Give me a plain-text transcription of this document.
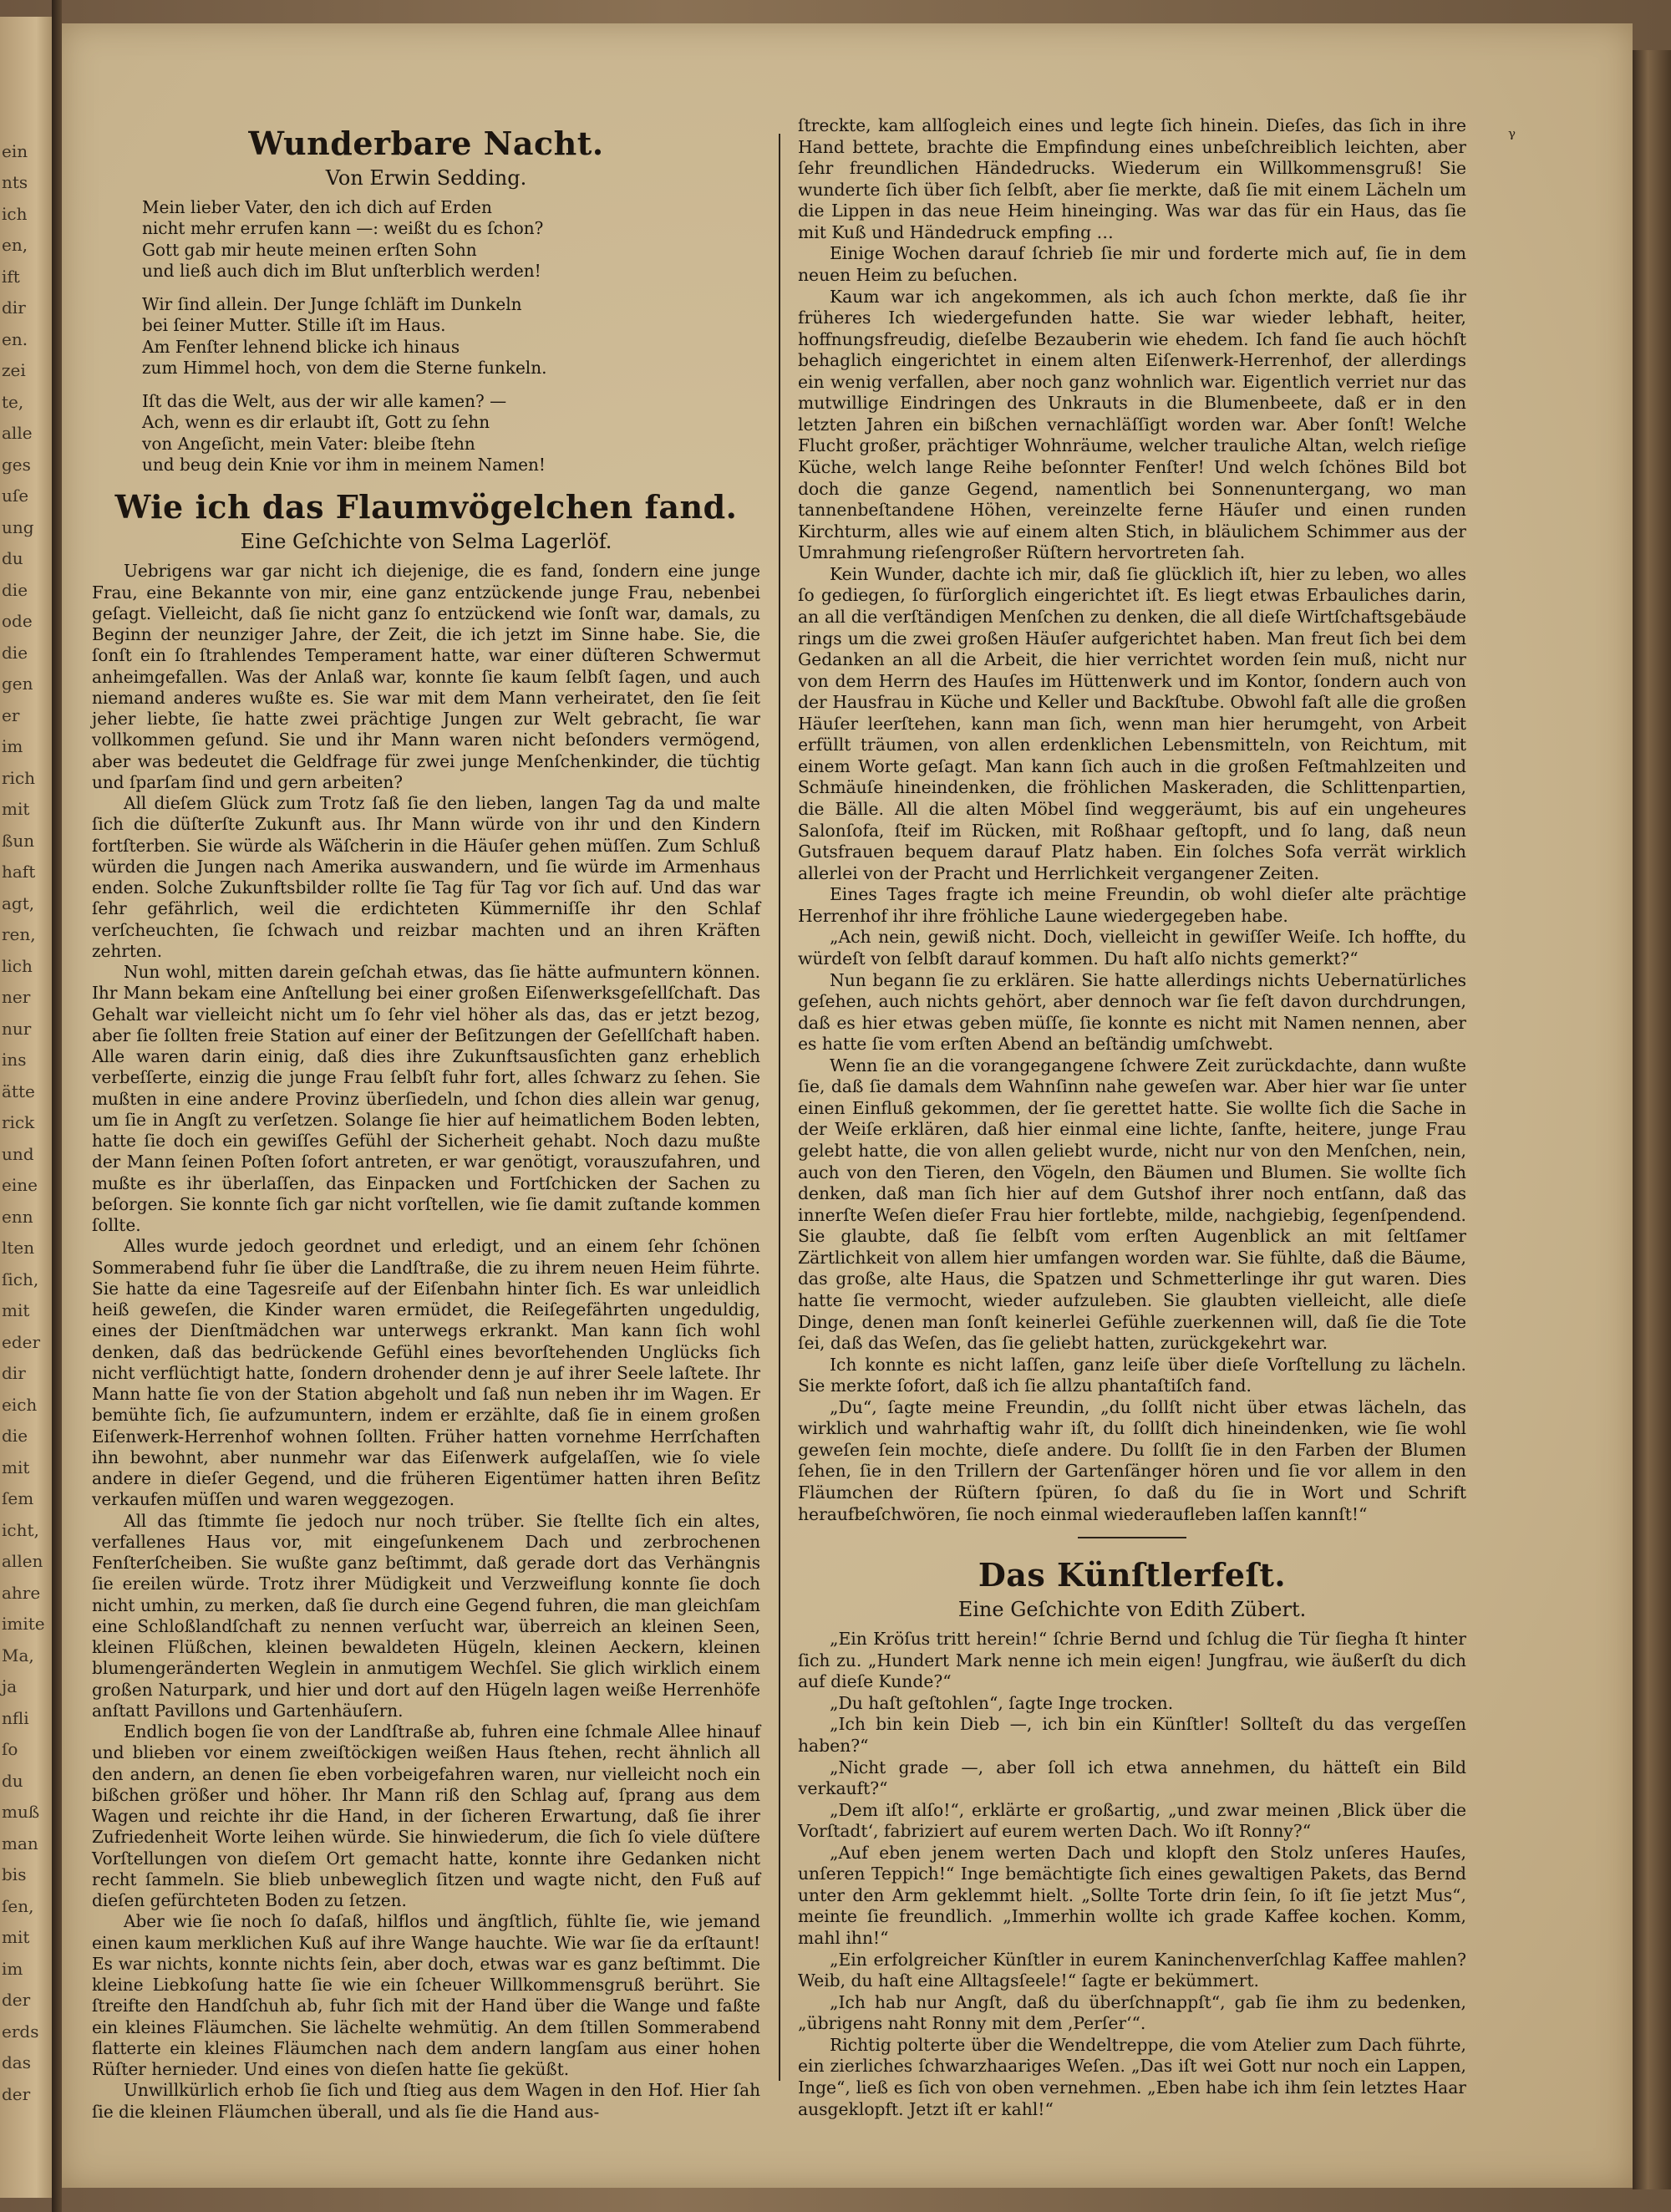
ein
nts
ich
en,
ift
dir
en.
zei
te,
alle
ges
uſe
ung
du
die
ode
die
gen
er
im
rich
mit
ßun
haft
agt,
ren,
lich
ner
nur
ins
ätte
rick
und
eine
enn
lten
ſich,
mit
eder
dir
eich
die
mit
ſem
icht,
allen
ahre
imite
Ma,
ja
nfli
ſo
du
muß
man
bis
ſen,
mit
im
der
erds
das
der
ᵞ
Wunderbare Nacht.
Von Erwin Sedding.
Mein lieber Vater, den ich dich auf Erden
nicht mehr errufen kann —: weißt du es ſchon?
Gott gab mir heute meinen erſten Sohn
und ließ auch dich im Blut unſterblich werden!
Wir ſind allein. Der Junge ſchläft im Dunkeln
bei ſeiner Mutter. Stille iſt im Haus.
Am Fenſter lehnend blicke ich hinaus
zum Himmel hoch, von dem die Sterne funkeln.
Iſt das die Welt, aus der wir alle kamen? —
Ach, wenn es dir erlaubt iſt, Gott zu ſehn
von Angeſicht, mein Vater: bleibe ſtehn
und beug dein Knie vor ihm in meinem Namen!
Wie ich das Flaumvögelchen fand.
Eine Geſchichte von Selma Lagerlöf.

Uebrigens war gar nicht ich diejenige, die es fand, ſondern eine junge Frau, eine Bekannte von mir, eine ganz entzückende junge Frau, nebenbei geſagt. Vielleicht, daß ſie nicht ganz ſo entzückend wie ſonſt war, damals, zu Beginn der neunziger Jahre, der Zeit, die ich jetzt im Sinne habe. Sie, die ſonſt ein ſo ſtrahlendes Temperament hatte, war einer düſteren Schwermut anheimgefallen. Was der Anlaß war, konnte ſie kaum ſelbſt ſagen, und auch niemand anderes wußte es. Sie war mit dem Mann verheiratet, den ſie ſeit jeher liebte, ſie hatte zwei prächtige Jungen zur Welt gebracht, ſie war vollkommen geſund. Sie und ihr Mann waren nicht beſonders vermögend, aber was bedeutet die Geldfrage für zwei junge Menſchenkinder, die tüchtig und ſparſam ſind und gern arbeiten?

All dieſem Glück zum Trotz ſaß ſie den lieben, langen Tag da und malte ſich die düſterſte Zukunft aus. Ihr Mann würde von ihr und den Kindern fortſterben. Sie würde als Wäſcherin in die Häuſer gehen müſſen. Zum Schluß würden die Jungen nach Amerika auswandern, und ſie würde im Armenhaus enden. Solche Zukunftsbilder rollte ſie Tag für Tag vor ſich auf. Und das war ſehr gefährlich, weil die erdichteten Kümmerniſſe ihr den Schlaf verſcheuchten, ſie ſchwach und reizbar machten und an ihren Kräften zehrten.

Nun wohl, mitten darein geſchah etwas, das ſie hätte aufmuntern können. Ihr Mann bekam eine Anſtellung bei einer großen Eiſenwerksgeſellſchaft. Das Gehalt war vielleicht nicht um ſo ſehr viel höher als das, das er jetzt bezog, aber ſie ſollten freie Station auf einer der Beſitzungen der Geſellſchaft haben. Alle waren darin einig, daß dies ihre Zukunftsausſichten ganz erheblich verbeſſerte, einzig die junge Frau ſelbſt fuhr fort, alles ſchwarz zu ſehen. Sie mußten in eine andere Provinz überſiedeln, und ſchon dies allein war genug, um ſie in Angſt zu verſetzen. Solange ſie hier auf heimatlichem Boden lebten, hatte ſie doch ein gewiſſes Gefühl der Sicherheit gehabt. Noch dazu mußte der Mann ſeinen Poſten ſofort antreten, er war genötigt, vorauszufahren, und mußte es ihr überlaſſen, das Einpacken und Fortſchicken der Sachen zu beſorgen. Sie konnte ſich gar nicht vorſtellen, wie ſie damit zuſtande kommen ſollte.

Alles wurde jedoch geordnet und erledigt, und an einem ſehr ſchönen Sommerabend fuhr ſie über die Landſtraße, die zu ihrem neuen Heim führte. Sie hatte da eine Tagesreiſe auf der Eiſenbahn hinter ſich. Es war unleidlich heiß geweſen, die Kinder waren ermüdet, die Reiſegefährten ungeduldig, eines der Dienſtmädchen war unterwegs erkrankt. Man kann ſich wohl denken, daß das bedrückende Gefühl eines bevorſtehenden Unglücks ſich nicht verflüchtigt hatte, ſondern drohender denn je auf ihrer Seele laſtete. Ihr Mann hatte ſie von der Station abgeholt und ſaß nun neben ihr im Wagen. Er bemühte ſich, ſie aufzumuntern, indem er erzählte, daß ſie in einem großen Eiſenwerk-Herrenhof wohnen ſollten. Früher hatten vornehme Herrſchaften ihn bewohnt, aber nunmehr war das Eiſenwerk aufgelaſſen, wie ſo viele andere in dieſer Gegend, und die früheren Eigentümer hatten ihren Beſitz verkaufen müſſen und waren weggezogen.

All das ſtimmte ſie jedoch nur noch trüber. Sie ſtellte ſich ein altes, verfallenes Haus vor, mit eingeſunkenem Dach und zerbrochenen Fenſterſcheiben. Sie wußte ganz beſtimmt, daß gerade dort das Verhängnis ſie ereilen würde. Trotz ihrer Müdigkeit und Verzweiflung konnte ſie doch nicht umhin, zu merken, daß ſie durch eine Gegend fuhren, die man gleichſam eine Schloßlandſchaft zu nennen verſucht war, überreich an kleinen Seen, kleinen Flüßchen, kleinen bewaldeten Hügeln, kleinen Aeckern, kleinen blumengeränderten Weglein in anmutigem Wechſel. Sie glich wirklich einem großen Naturpark, und hier und dort auf den Hügeln lagen weiße Herrenhöfe anſtatt Pavillons und Gartenhäuſern.

Endlich bogen ſie von der Landſtraße ab, fuhren eine ſchmale Allee hinauf und blieben vor einem zweiſtöckigen weißen Haus ſtehen, recht ähnlich all den andern, an denen ſie eben vorbeigefahren waren, nur vielleicht noch ein bißchen größer und höher. Ihr Mann riß den Schlag auf, ſprang aus dem Wagen und reichte ihr die Hand, in der ſicheren Erwartung, daß ſie ihrer Zufriedenheit Worte leihen würde. Sie hinwiederum, die ſich ſo viele düſtere Vorſtellungen von dieſem Ort gemacht hatte, konnte ihre Gedanken nicht recht ſammeln. Sie blieb unbeweglich ſitzen und wagte nicht, den Fuß auf dieſen gefürchteten Boden zu ſetzen.

Aber wie ſie noch ſo daſaß, hilflos und ängſtlich, fühlte ſie, wie jemand einen kaum merklichen Kuß auf ihre Wange hauchte. Wie war ſie da erſtaunt! Es war nichts, konnte nichts ſein, aber doch, etwas war es ganz beſtimmt. Die kleine Liebkoſung hatte ſie wie ein ſcheuer Willkommensgruß berührt. Sie ſtreifte den Handſchuh ab, fuhr ſich mit der Hand über die Wange und faßte ein kleines Fläumchen. Sie lächelte wehmütig. An dem ſtillen Sommerabend flatterte ein kleines Fläumchen nach dem andern langſam aus einer hohen Rüſter hernieder. Und eines von dieſen hatte ſie geküßt.

Unwillkürlich erhob ſie ſich und ſtieg aus dem Wagen in den Hof. Hier ſah ſie die kleinen Fläumchen überall, und als ſie die Hand aus-

ſtreckte, kam allſogleich eines und legte ſich hinein. Dieſes, das ſich in ihre Hand bettete, brachte die Empfindung eines unbeſchreiblich leichten, aber ſehr freundlichen Händedrucks. Wiederum ein Willkommensgruß! Sie wunderte ſich über ſich ſelbſt, aber ſie merkte, daß ſie mit einem Lächeln um die Lippen in das neue Heim hineinging. Was war das für ein Haus, das ſie mit Kuß und Händedruck empfing …

Einige Wochen darauf ſchrieb ſie mir und forderte mich auf, ſie in dem neuen Heim zu beſuchen.

Kaum war ich angekommen, als ich auch ſchon merkte, daß ſie ihr früheres Ich wiedergefunden hatte. Sie war wieder lebhaft, heiter, hoffnungsfreudig, dieſelbe Bezauberin wie ehedem. Ich fand ſie auch höchſt behaglich eingerichtet in einem alten Eiſenwerk-Herrenhof, der allerdings ein wenig verfallen, aber noch ganz wohnlich war. Eigentlich verriet nur das mutwillige Eindringen des Unkrauts in die Blumenbeete, daß er in den letzten Jahren ein bißchen vernachläſſigt worden war. Aber ſonſt! Welche Flucht großer, prächtiger Wohnräume, welcher trauliche Altan, welch rieſige Küche, welch lange Reihe beſonnter Fenſter! Und welch ſchönes Bild bot doch die ganze Gegend, namentlich bei Sonnenuntergang, wo man tannenbeſtandene Höhen, vereinzelte ferne Häuſer und einen runden Kirchturm, alles wie auf einem alten Stich, in bläulichem Schimmer aus der Umrahmung rieſengroßer Rüſtern hervortreten ſah.

Kein Wunder, dachte ich mir, daß ſie glücklich iſt, hier zu leben, wo alles ſo gediegen, ſo fürſorglich eingerichtet iſt. Es liegt etwas Erbauliches darin, an all die verſtändigen Menſchen zu denken, die all dieſe Wirtſchaftsgebäude rings um die zwei großen Häuſer aufgerichtet haben. Man freut ſich bei dem Gedanken an all die Arbeit, die hier verrichtet worden ſein muß, nicht nur von dem Herrn des Hauſes im Hüttenwerk und im Kontor, ſondern auch von der Hausfrau in Küche und Keller und Backſtube. Obwohl faſt alle die großen Häuſer leerſtehen, kann man ſich, wenn man hier herumgeht, von Arbeit erfüllt träumen, von allen erdenklichen Lebensmitteln, von Reichtum, mit einem Worte geſagt. Man kann ſich auch in die großen Feſtmahlzeiten und Schmäuſe hineindenken, die fröhlichen Maskeraden, die Schlittenpartien, die Bälle. All die alten Möbel ſind weggeräumt, bis auf ein ungeheures Salonſofa, ſteif im Rücken, mit Roßhaar geſtopft, und ſo lang, daß neun Gutsfrauen bequem darauf Platz haben. Ein ſolches Sofa verrät wirklich allerlei von der Pracht und Herrlichkeit vergangener Zeiten.

Eines Tages fragte ich meine Freundin, ob wohl dieſer alte prächtige Herrenhof ihr ihre fröhliche Laune wiedergegeben habe.

„Ach nein, gewiß nicht. Doch, vielleicht in gewiſſer Weiſe. Ich hoffte, du würdeſt von ſelbſt darauf kommen. Du haſt alſo nichts gemerkt?“

Nun begann ſie zu erklären. Sie hatte allerdings nichts Uebernatürliches geſehen, auch nichts gehört, aber dennoch war ſie feſt davon durchdrungen, daß es hier etwas geben müſſe, ſie konnte es nicht mit Namen nennen, aber es hatte ſie vom erſten Abend an beſtändig umſchwebt.

Wenn ſie an die vorangegangene ſchwere Zeit zurückdachte, dann wußte ſie, daß ſie damals dem Wahnſinn nahe geweſen war. Aber hier war ſie unter einen Einfluß gekommen, der ſie gerettet hatte. Sie wollte ſich die Sache in der Weiſe erklären, daß hier einmal eine lichte, ſanfte, heitere, junge Frau gelebt hatte, die von allen geliebt wurde, nicht nur von den Menſchen, nein, auch von den Tieren, den Vögeln, den Bäumen und Blumen. Sie wollte ſich denken, daß man ſich hier auf dem Gutshof ihrer noch entſann, daß das innerſte Weſen dieſer Frau hier fortlebte, milde, nachgiebig, ſegenſpendend. Sie glaubte, daß ſie ſelbſt vom erſten Augenblick an mit ſeltſamer Zärtlichkeit von allem hier umfangen worden war. Sie fühlte, daß die Bäume, das große, alte Haus, die Spatzen und Schmetterlinge ihr gut waren. Dies hatte ſie vermocht, wieder aufzuleben. Sie glaubten vielleicht, alle dieſe Dinge, denen man ſonſt keinerlei Gefühle zuerkennen will, daß ſie die Tote ſei, daß das Weſen, das ſie geliebt hatten, zurückgekehrt war.

Ich konnte es nicht laſſen, ganz leiſe über dieſe Vorſtellung zu lächeln. Sie merkte ſofort, daß ich ſie allzu phantaſtiſch fand.

„Du“, ſagte meine Freundin, „du ſollſt nicht über etwas lächeln, das wirklich und wahrhaftig wahr iſt, du ſollſt dich hineindenken, wie ſie wohl geweſen ſein mochte, dieſe andere. Du ſollſt ſie in den Farben der Blumen ſehen, ſie in den Trillern der Gartenſänger hören und ſie vor allem in den Fläumchen der Rüſtern ſpüren, ſo daß du ſie in Wort und Schrift heraufbeſchwören, ſie noch einmal wiederaufleben laſſen kannſt!“

Das Künſtlerfeſt.
Eine Geſchichte von Edith Zübert.

„Ein Kröſus tritt herein!“ ſchrie Bernd und ſchlug die Tür ſiegha ſt hinter ſich zu. „Hundert Mark nenne ich mein eigen! Jungfrau, wie äußerſt du dich auf dieſe Kunde?“

„Du haſt geſtohlen“, ſagte Inge trocken.

„Ich bin kein Dieb —, ich bin ein Künſtler! Sollteſt du das vergeſſen haben?“

„Nicht grade —, aber ſoll ich etwa annehmen, du hätteſt ein Bild verkauft?“

„Dem iſt alſo!“, erklärte er großartig, „und zwar meinen ‚Blick über die Vorſtadt‘, fabriziert auf eurem werten Dach. Wo iſt Ronny?“

„Auf eben jenem werten Dach und klopft den Stolz unſeres Hauſes, unſeren Teppich!“ Inge bemächtigte ſich eines gewaltigen Pakets, das Bernd unter den Arm geklemmt hielt. „Sollte Torte drin ſein, ſo iſt ſie jetzt Mus“, meinte ſie freundlich. „Immerhin wollte ich grade Kaffee kochen. Komm, mahl ihn!“

„Ein erfolgreicher Künſtler in eurem Kaninchenverſchlag Kaffee mahlen? Weib, du haſt eine Alltagsſeele!“ ſagte er bekümmert.

„Ich hab nur Angſt, daß du überſchnappſt“, gab ſie ihm zu bedenken, „übrigens naht Ronny mit dem ‚Perſer‘“.

Richtig polterte über die Wendeltreppe, die vom Atelier zum Dach führte, ein zierliches ſchwarzhaariges Weſen. „Das iſt wei Gott nur noch ein Lappen, Inge“, ließ es ſich von oben vernehmen. „Eben habe ich ihm ſein letztes Haar ausgeklopft. Jetzt iſt er kahl!“
